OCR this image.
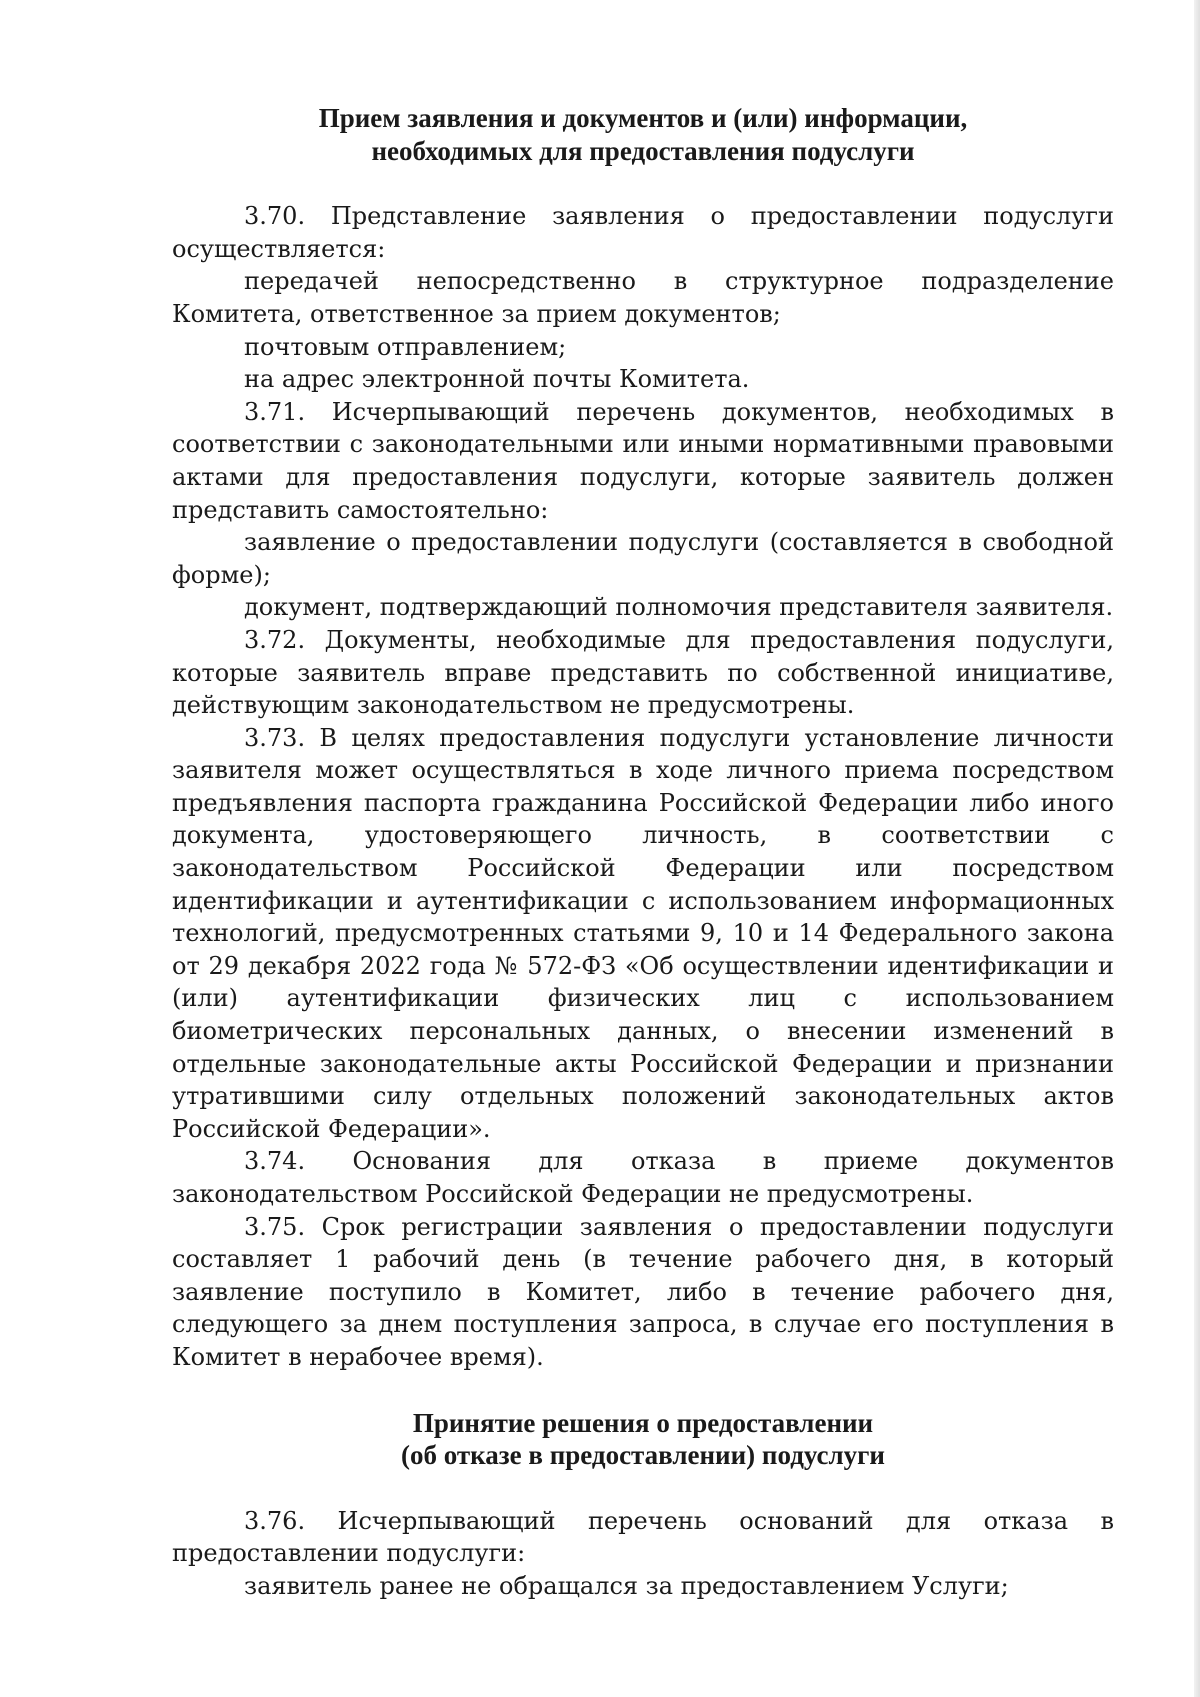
Прием заявления и документов и (или) информации,
необходимых для предоставления подуслуги

3.70. Представление заявления о предоставлении подуслуги осуществляется:

передачей непосредственно в структурное подразделение Комитета, ответственное за прием документов;

почтовым отправлением;

на адрес электронной почты Комитета.

3.71. Исчерпывающий перечень документов, необходимых в соответствии с законодательными или иными нормативными правовыми актами для предоставления подуслуги, которые заявитель должен представить самостоятельно:

заявление о предоставлении подуслуги (составляется в свободной форме);

документ, подтверждающий полномочия представителя заявителя.

3.72. Документы, необходимые для предоставления подуслуги, которые заявитель вправе представить по собственной инициативе, действующим законодательством не предусмотрены.

3.73. В целях предоставления подуслуги установление личности заявителя может осуществляться в ходе личного приема посредством предъявления паспорта гражданина Российской Федерации либо иного документа, удостоверяющего личность, в соответствии с законодательством Российской Федерации или посредством идентификации и аутентификации с использованием информационных технологий, предусмотренных статьями 9, 10 и 14 Федерального закона от 29 декабря 2022 года № 572-ФЗ «Об осуществлении идентификации и (или) аутентификации физических лиц с использованием биометрических персональных данных, о внесении изменений в отдельные законодательные акты Российской Федерации и признании утратившими силу отдельных положений законодательных актов Российской Федерации».

3.74. Основания для отказа в приеме документов законодательством Российской Федерации не предусмотрены.

3.75. Срок регистрации заявления о предоставлении подуслуги составляет 1 рабочий день (в течение рабочего дня, в который заявление поступило в Комитет, либо в течение рабочего дня, следующего за днем поступления запроса, в случае его поступления в Комитет в нерабочее время).

Принятие решения о предоставлении
(об отказе в предоставлении) подуслуги

3.76. Исчерпывающий перечень оснований для отказа в предоставлении подуслуги:

заявитель ранее не обращался за предоставлением Услуги;
